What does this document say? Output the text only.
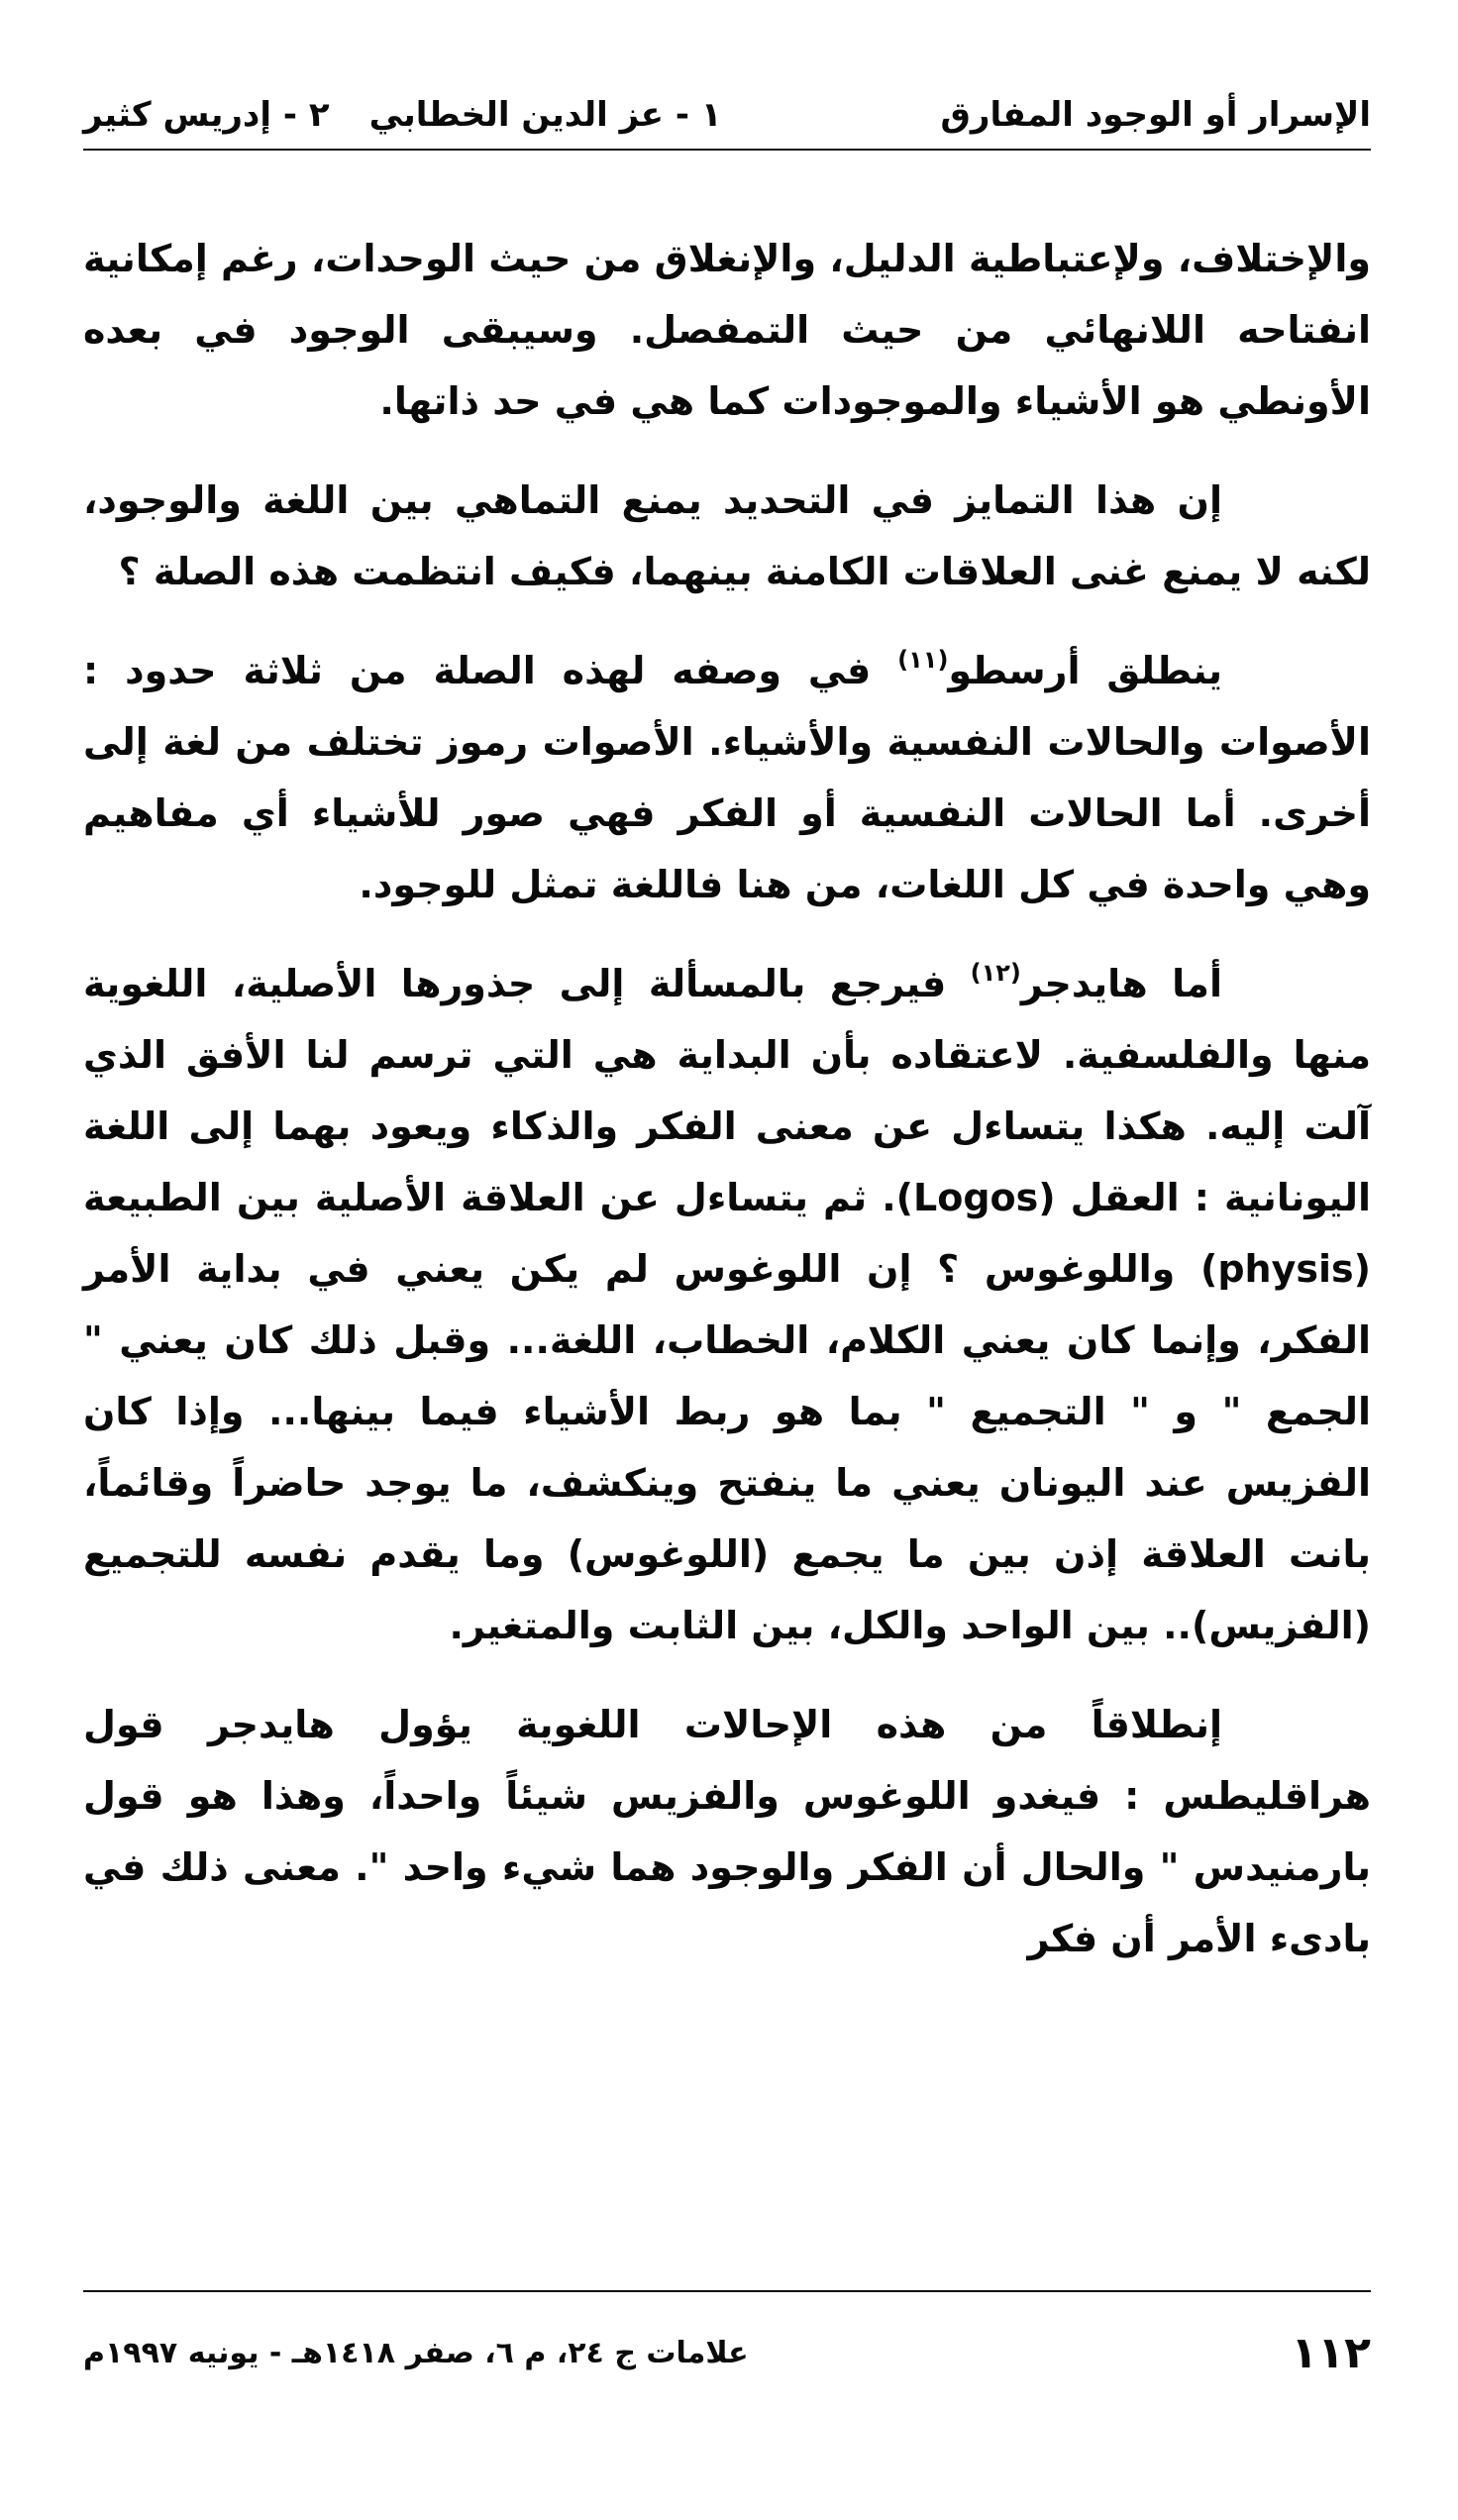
الإسرار أو الوجود المفارق
١ - عز الدين الخطابي
٢ - إدريس كثير

والإختلاف، ولإعتباطية الدليل، والإنغلاق من حيث الوحدات، رغم إمكانية انفتاحه اللانهائي من حيث التمفصل. وسيبقى الوجود في بعده الأونطي هو الأشياء والموجودات كما هي في حد ذاتها.

إن هذا التمايز في التحديد يمنع التماهي بين اللغة والوجود، لكنه لا يمنع غنى العلاقات الكامنة بينهما، فكيف انتظمت هذه الصلة ؟

ينطلق أرسطو$^{(١١)}$ في وصفه لهذه الصلة من ثلاثة حدود : الأصوات والحالات النفسية والأشياء. الأصوات رموز تختلف من لغة إلى أخرى. أما الحالات النفسية أو الفكر فهي صور للأشياء أي مفاهيم وهي واحدة في كل اللغات، من هنا فاللغة تمثل للوجود.

أما هايدجر$^{(١٢)}$ فيرجع بالمسألة إلى جذورها الأصلية، اللغوية منها والفلسفية. لاعتقاده بأن البداية هي التي ترسم لنا الأفق الذي آلت إليه. هكذا يتساءل عن معنى الفكر والذكاء ويعود بهما إلى اللغة اليونانية : العقل (Logos). ثم يتساءل عن العلاقة الأصلية بين الطبيعة (physis) واللوغوس ؟ إن اللوغوس لم يكن يعني في بداية الأمر الفكر، وإنما كان يعني الكلام، الخطاب، اللغة... وقبل ذلك كان يعني " الجمع " و " التجميع " بما هو ربط الأشياء فيما بينها... وإذا كان الفزيس عند اليونان يعني ما ينفتح وينكشف، ما يوجد حاضراً وقائماً، بانت العلاقة إذن بين ما يجمع (اللوغوس) وما يقدم نفسه للتجميع (الفزيس).. بين الواحد والكل، بين الثابت والمتغير.

إنطلاقاً من هذه الإحالات اللغوية يؤول هايدجر قول هراقليطس : فيغدو اللوغوس والفزيس شيئاً واحداً، وهذا هو قول بارمنيدس " والحال أن الفكر والوجود هما شيء واحد ". معنى ذلك في بادىء الأمر أن فكر

١١٢
علامات ج ٢٤، م ٦، صفر ١٤١٨هـ - يونيه ١٩٩٧م
